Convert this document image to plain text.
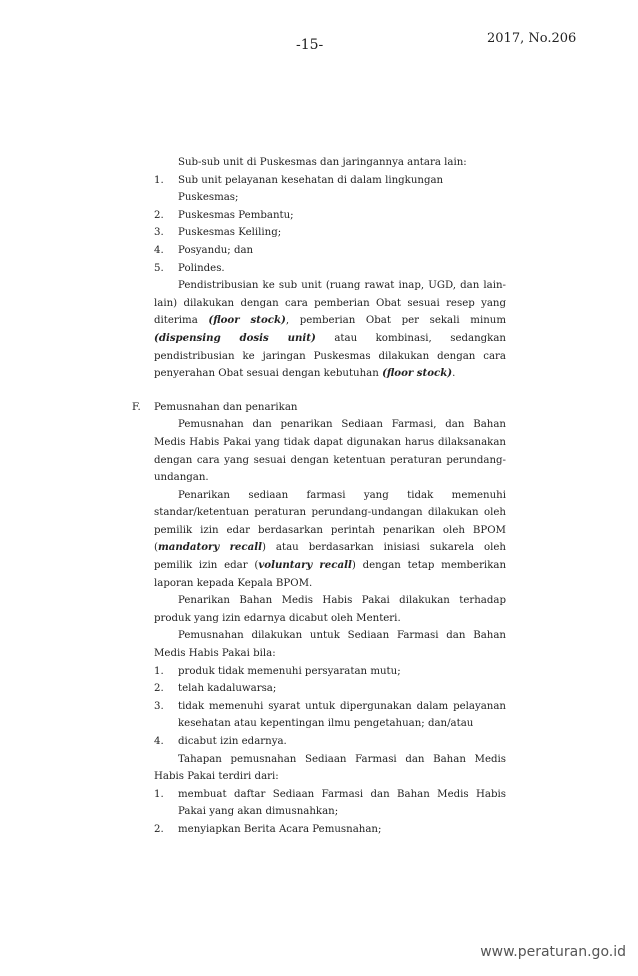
-15-	2017, No.206

Sub-sub unit di Puskesmas dan jaringannya antara lain:

1. Sub unit pelayanan kesehatan di dalam lingkungan Puskesmas;
2. Puskesmas Pembantu;
3. Puskesmas Keliling;
4. Posyandu; dan
5. Polindes.

Pendistribusian ke sub unit (ruang rawat inap, UGD, dan lain-lain) dilakukan dengan cara pemberian Obat sesuai resep yang diterima (floor stock), pemberian Obat per sekali minum (dispensing dosis unit) atau kombinasi, sedangkan pendistribusian ke jaringan Puskesmas dilakukan dengan cara penyerahan Obat sesuai dengan kebutuhan (floor stock).

F. Pemusnahan dan penarikan

Pemusnahan dan penarikan Sediaan Farmasi, dan Bahan Medis Habis Pakai yang tidak dapat digunakan harus dilaksanakan dengan cara yang sesuai dengan ketentuan peraturan perundang-undangan.

Penarikan sediaan farmasi yang tidak memenuhi standar/ketentuan peraturan perundang-undangan dilakukan oleh pemilik izin edar berdasarkan perintah penarikan oleh BPOM (mandatory recall) atau berdasarkan inisiasi sukarela oleh pemilik izin edar (voluntary recall) dengan tetap memberikan laporan kepada Kepala BPOM.

Penarikan Bahan Medis Habis Pakai dilakukan terhadap produk yang izin edarnya dicabut oleh Menteri.

Pemusnahan dilakukan untuk Sediaan Farmasi dan Bahan Medis Habis Pakai bila:

1. produk tidak memenuhi persyaratan mutu;
2. telah kadaluwarsa;
3. tidak memenuhi syarat untuk dipergunakan dalam pelayanan kesehatan atau kepentingan ilmu pengetahuan; dan/atau
4. dicabut izin edarnya.

Tahapan pemusnahan Sediaan Farmasi dan Bahan Medis Habis Pakai terdiri dari:

1. membuat daftar Sediaan Farmasi dan Bahan Medis Habis Pakai yang akan dimusnahkan;
2. menyiapkan Berita Acara Pemusnahan;
www.peraturan.go.id
